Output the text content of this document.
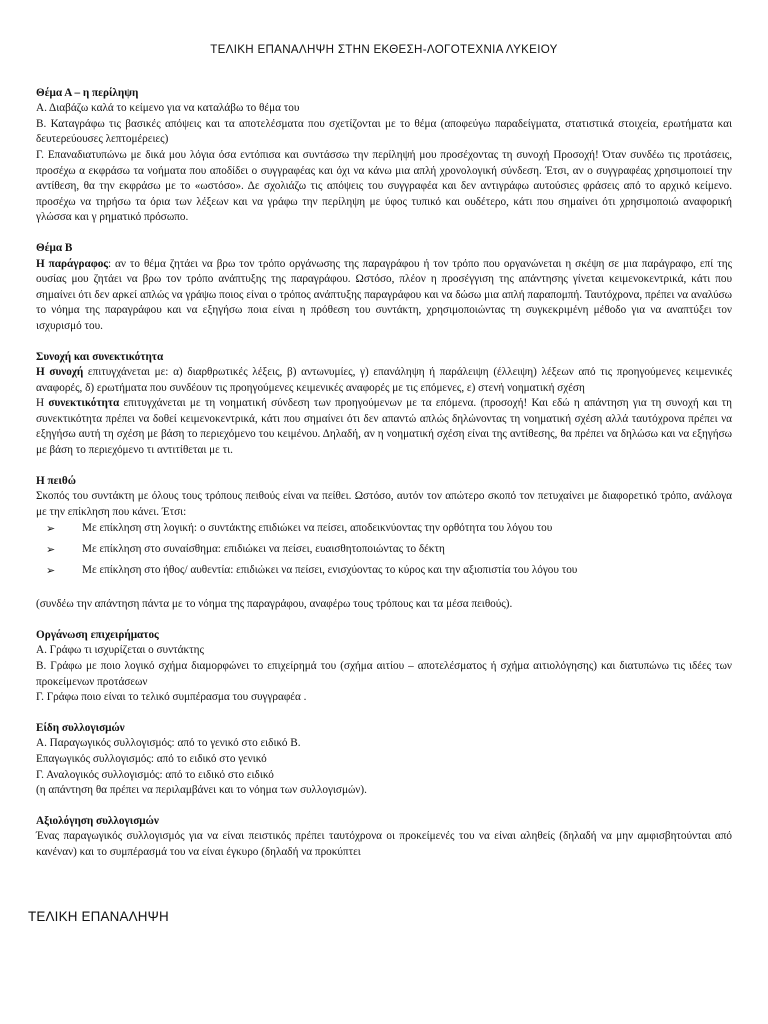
ΤΕΛΙΚΗ ΕΠΑΝΑΛΗΨΗ ΣΤΗΝ ΕΚΘΕΣΗ-ΛΟΓΟΤΕΧΝΙΑ ΛΥΚΕΙΟΥ
Θέμα Α – η περίληψη
Α. Διαβάζω καλά το κείμενο για να καταλάβω το θέμα του
Β. Καταγράφω τις βασικές απόψεις και τα αποτελέσματα που σχετίζονται με το θέμα (αποφεύγω παραδείγματα, στατιστικά στοιχεία, ερωτήματα και δευτερεύουσες λεπτομέρειες)
Γ. Επαναδιατυπώνω με δικά μου λόγια όσα εντόπισα και συντάσσω την περίληψή μου προσέχοντας τη συνοχή Προσοχή! Όταν συνδέω τις προτάσεις, προσέχω α εκφράσω τα νοήματα που αποδίδει ο συγγραφέας και όχι να κάνω μια απλή χρονολογική σύνδεση. Έτσι, αν ο συγγραφέας χρησιμοποιεί την αντίθεση, θα την εκφράσω με το «ωστόσο». Δε σχολιάζω τις απόψεις του συγγραφέα και δεν αντιγράφω αυτούσιες φράσεις από το αρχικό κείμενο. προσέχω να τηρήσω τα όρια των λέξεων και να γράφω την περίληψη με ύφος τυπικό και ουδέτερο, κάτι που σημαίνει ότι χρησιμοποιώ αναφορική γλώσσα και γ ρηματικό πρόσωπο.
Θέμα Β
Η παράγραφος: αν το θέμα ζητάει να βρω τον τρόπο οργάνωσης της παραγράφου ή τον τρόπο που οργανώνεται η σκέψη σε μια παράγραφο, επί της ουσίας μου ζητάει να βρω τον τρόπο ανάπτυξης της παραγράφου. Ωστόσο, πλέον η προσέγγιση της απάντησης γίνεται κειμενοκεντρικά, κάτι που σημαίνει ότι δεν αρκεί απλώς να γράψω ποιος είναι ο τρόπος ανάπτυξης παραγράφου και να δώσω μια απλή παραπομπή. Ταυτόχρονα, πρέπει να αναλύσω το νόημα της παραγράφου και να εξηγήσω ποια είναι η πρόθεση του συντάκτη, χρησιμοποιώντας τη συγκεκριμένη μέθοδο για να αναπτύξει τον ισχυρισμό του.
Συνοχή και συνεκτικότητα
Η συνοχή επιτυγχάνεται με: α) διαρθρωτικές λέξεις, β) αντωνυμίες, γ) επανάληψη ή παράλειψη (έλλειψη) λέξεων από τις προηγούμενες κειμενικές αναφορές, δ) ερωτήματα που συνδέουν τις προηγούμενες κειμενικές αναφορές με τις επόμενες, ε) στενή νοηματική σχέση
Η συνεκτικότητα επιτυγχάνεται με τη νοηματική σύνδεση των προηγούμενων με τα επόμενα. (προσοχή! Και εδώ η απάντηση για τη συνοχή και τη συνεκτικότητα πρέπει να δοθεί κειμενοκεντρικά, κάτι που σημαίνει ότι δεν απαντώ απλώς δηλώνοντας τη νοηματική σχέση αλλά ταυτόχρονα πρέπει να εξηγήσω αυτή τη σχέση με βάση το περιεχόμενο του κειμένου. Δηλαδή, αν η νοηματική σχέση είναι της αντίθεσης, θα πρέπει να δηλώσω και να εξηγήσω με βάση το περιεχόμενο τι αντιτίθεται με τι.
Η πειθώ
Σκοπός του συντάκτη με όλους τους τρόπους πειθούς είναι να πείθει. Ωστόσο, αυτόν τον απώτερο σκοπό τον πετυχαίνει με διαφορετικό τρόπο, ανάλογα με την επίκληση που κάνει. Έτσι:
➢ Με επίκληση στη λογική: ο συντάκτης επιδιώκει να πείσει, αποδεικνύοντας την ορθότητα του λόγου του
➢ Με επίκληση στο συναίσθημα: επιδιώκει να πείσει, ευαισθητοποιώντας το δέκτη
➢ Με επίκληση στο ήθος/ αυθεντία: επιδιώκει να πείσει, ενισχύοντας το κύρος και την αξιοπιστία του λόγου του
(συνδέω την απάντηση πάντα με το νόημα της παραγράφου, αναφέρω τους τρόπους και τα μέσα πειθούς).
Οργάνωση επιχειρήματος
Α. Γράφω τι ισχυρίζεται ο συντάκτης
Β. Γράφω με ποιο λογικό σχήμα διαμορφώνει το επιχείρημά του (σχήμα αιτίου – αποτελέσματος ή σχήμα αιτιολόγησης) και διατυπώνω τις ιδέες των προκείμενων προτάσεων
Γ. Γράφω ποιο είναι το τελικό συμπέρασμα του συγγραφέα .
Είδη συλλογισμών
Α. Παραγωγικός συλλογισμός: από το γενικό στο ειδικό Β.
Επαγωγικός συλλογισμός: από το ειδικό στο γενικό
Γ. Αναλογικός συλλογισμός: από το ειδικό στο ειδικό
(η απάντηση θα πρέπει να περιλαμβάνει και το νόημα των συλλογισμών).
Αξιολόγηση συλλογισμών
Ένας παραγωγικός συλλογισμός για να είναι πειστικός πρέπει ταυτόχρονα οι προκείμενές του να είναι αληθείς (δηλαδή να μην αμφισβητούνται από κανέναν) και το συμπέρασμά του να είναι έγκυρο (δηλαδή να προκύπτει
ΤΕΛΙΚΗ ΕΠΑΝΑΛΗΨΗ
